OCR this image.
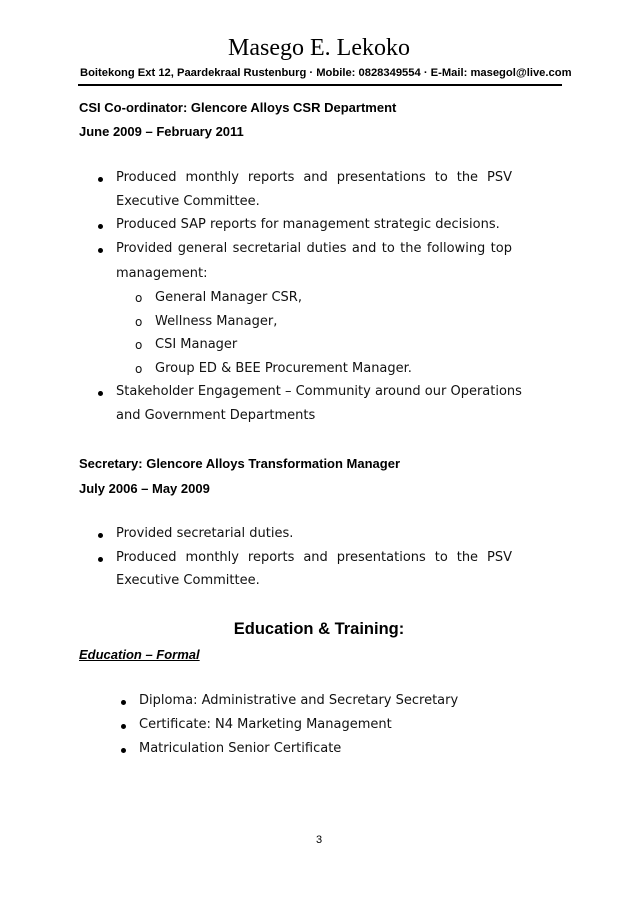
Masego E. Lekoko
Boitekong Ext 12, Paardekraal Rustenburg · Mobile: 0828349554 · E-Mail: masegol@live.com
CSI Co-ordinator: Glencore Alloys CSR Department
June 2009 – February 2011
Produced monthly reports and presentations to the PSV
Executive Committee.
Produced SAP reports for management strategic decisions.
Provided general secretarial duties and to the following top
management:
o General Manager CSR,
o Wellness Manager,
o CSI Manager
o Group ED & BEE Procurement Manager.
Stakeholder Engagement – Community around our Operations
and Government Departments
Secretary: Glencore Alloys Transformation Manager
July 2006 – May 2009
Provided secretarial duties.
Produced monthly reports and presentations to the PSV
Executive Committee.
Education & Training:
Education – Formal
Diploma: Administrative and Secretary Secretary
Certificate: N4 Marketing Management
Matriculation Senior Certificate
3
